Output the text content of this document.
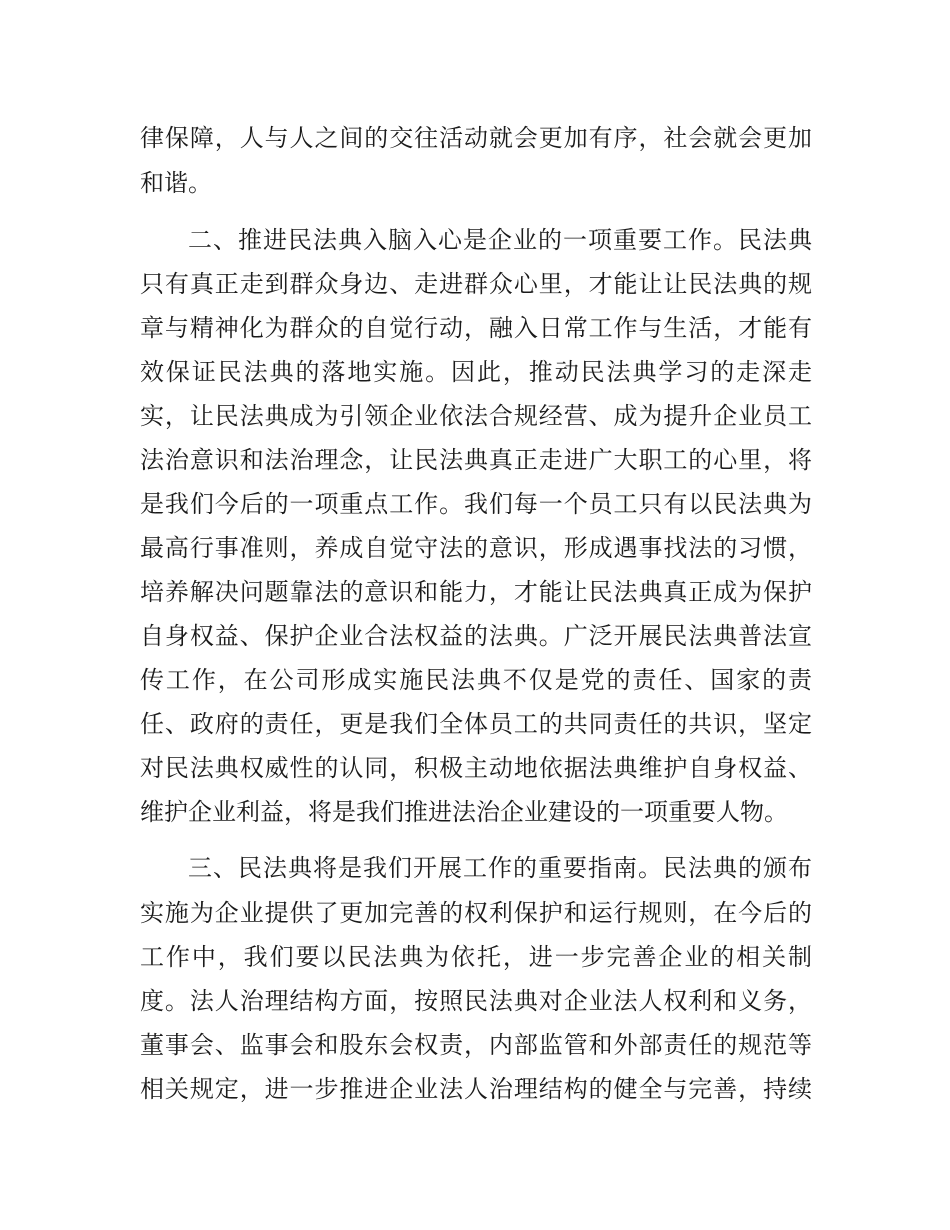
律保障，人与人之间的交往活动就会更加有序，社会就会更加
和谐。
二、推进民法典入脑入心是企业的一项重要工作。民法典
只有真正走到群众身边、走进群众心里，才能让让民法典的规
章与精神化为群众的自觉行动，融入日常工作与生活，才能有
效保证民法典的落地实施。因此，推动民法典学习的走深走
实，让民法典成为引领企业依法合规经营、成为提升企业员工
法治意识和法治理念，让民法典真正走进广大职工的心里，将
是我们今后的一项重点工作。我们每一个员工只有以民法典为
最高行事准则，养成自觉守法的意识，形成遇事找法的习惯，
培养解决问题靠法的意识和能力，才能让民法典真正成为保护
自身权益、保护企业合法权益的法典。广泛开展民法典普法宣
传工作，在公司形成实施民法典不仅是党的责任、国家的责
任、政府的责任，更是我们全体员工的共同责任的共识，坚定
对民法典权威性的认同，积极主动地依据法典维护自身权益、
维护企业利益，将是我们推进法治企业建设的一项重要人物。
三、民法典将是我们开展工作的重要指南。民法典的颁布
实施为企业提供了更加完善的权利保护和运行规则，在今后的
工作中，我们要以民法典为依托，进一步完善企业的相关制
度。法人治理结构方面，按照民法典对企业法人权利和义务，
董事会、监事会和股东会权责，内部监管和外部责任的规范等
相关规定，进一步推进企业法人治理结构的健全与完善，持续
